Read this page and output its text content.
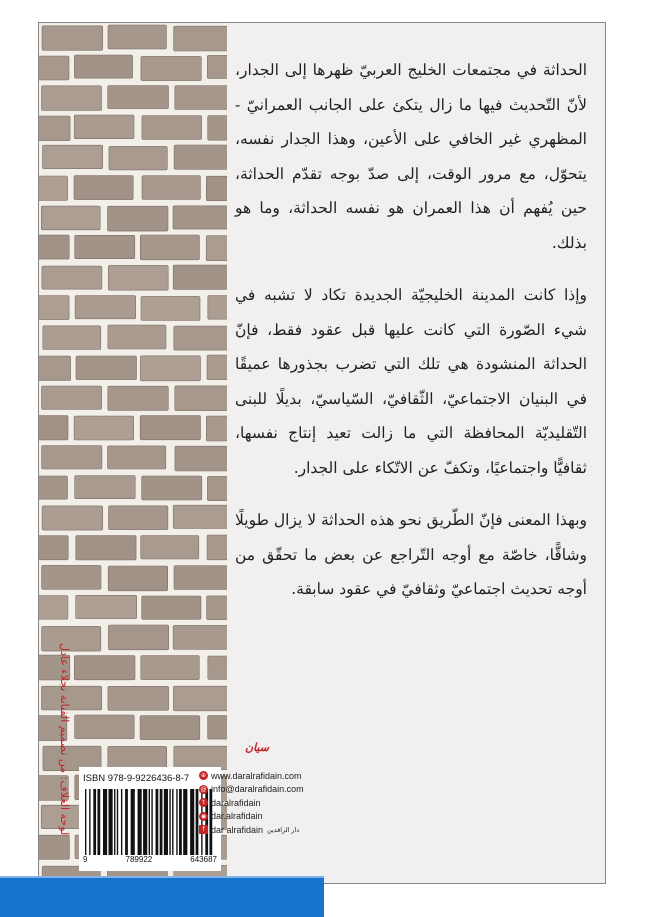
لوحة الغلاف: من تصميم الفنانة نجلاء عادل

الحداثة في مجتمعات الخليج العربيّ ظهرها إلى الجدار، لأنّ التّحديث فيها ما زال يتكئ على الجانب العمرانيّ - المظهري غير الخافي على الأعين، وهذا الجدار نفسه، يتحوّل، مع مرور الوقت، إلى صدّ بوجه تقدّم الحداثة، حين يُفهم أن هذا العمران هو نفسه الحداثة، وما هو بذلك.

وإذا كانت المدينة الخليجيّة الجديدة تكاد لا تشبه في شيء الصّورة التي كانت عليها قبل عقود فقط، فإنّ الحداثة المنشودة هي تلك التي تضرب بجذورها عميقًا في البنيان الاجتماعيّ، الثّقافيّ، السّياسيّ، بديلًا للبنى التّقليديّة المحافظة التي ما زالت تعيد إنتاج نفسها، ثقافيًّا واجتماعيًا، وتكفّ عن الاتّكاء على الجدار.

وبهذا المعنى فإنّ الطّريق نحو هذه الحداثة لا يزال طويلًا وشاقًّا، خاصّة مع أوجه التّراجع عن بعض ما تحقّق من أوجه تحديث اجتماعيّ وثقافيّ في عقود سابقة.

سيان
ISBN 978-9-9226436-8-7
9	789922	643687
⊕ www.daralrafidain.com
@ info@daralrafidain.com
t daralrafidain
◉ dar.alrafidain
f dar alrafidain دار الرافدين
